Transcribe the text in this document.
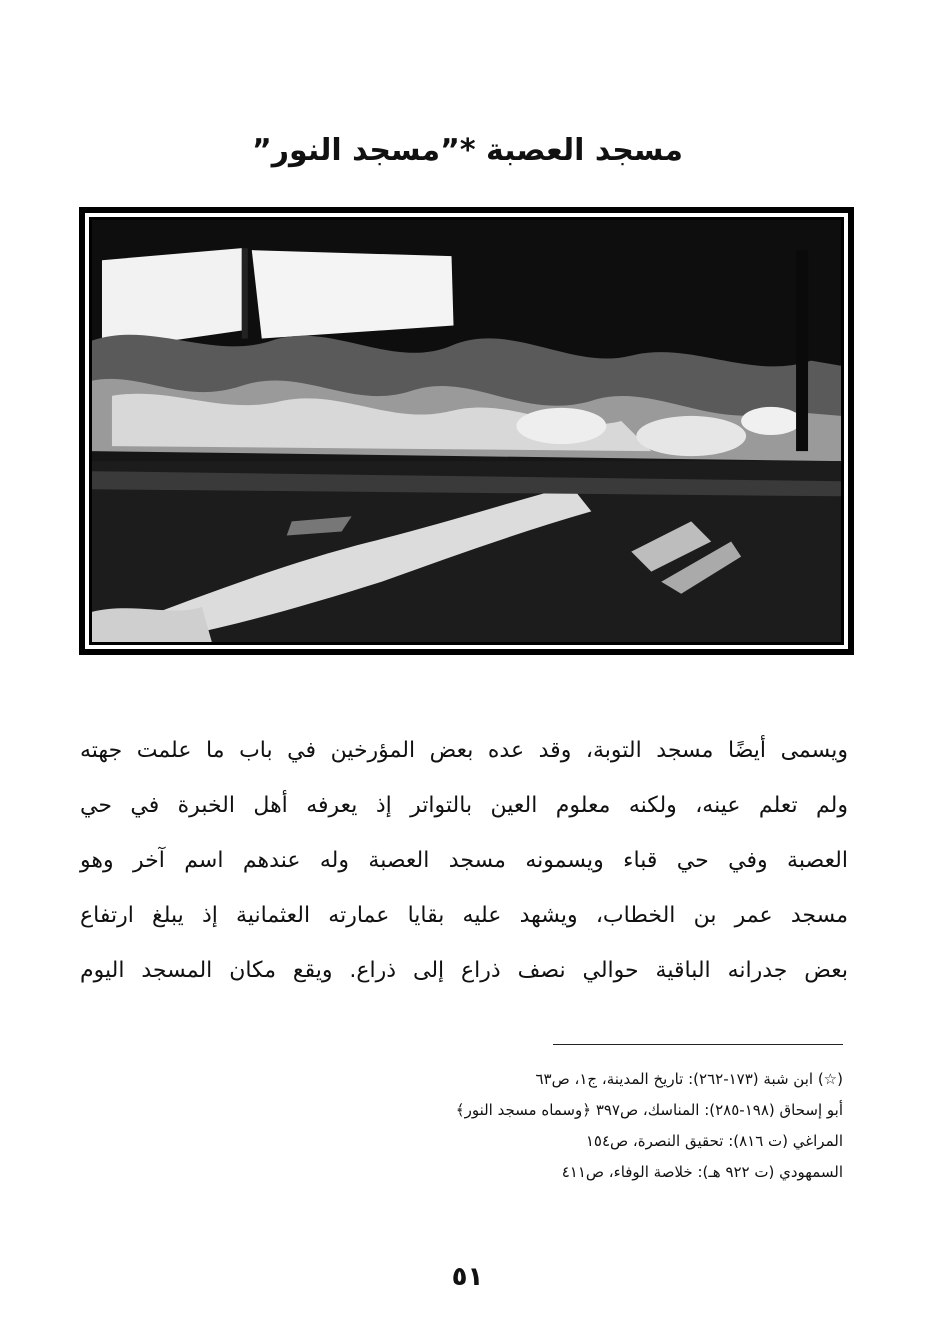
مسجد العصبة *”مسجد النور”
ويسمى أيضًا مسجد التوبة، وقد عده بعض المؤرخين في باب ما علمت جهته
ولم تعلم عينه، ولكنه معلوم العين بالتواتر إذ يعرفه أهل الخبرة في حي
العصبة وفي حي قباء ويسمونه مسجد العصبة وله عندهم اسم آخر وهو
مسجد عمر بن الخطاب، ويشهد عليه بقايا عمارته العثمانية إذ يبلغ ارتفاع
بعض جدرانه الباقية حوالي نصف ذراع إلى ذراع. ويقع مكان المسجد اليوم
(☆) ابن شبة (١٧٣-٢٦٢): تاريخ المدينة، ج١، ص٦٣
أبو إسحاق (١٩٨-٢٨٥): المناسك، ص٣٩٧ ﴿وسماه مسجد النور﴾
المراغي (ت ٨١٦): تحقيق النصرة، ص١٥٤
السمهودي (ت ٩٢٢ هـ): خلاصة الوفاء، ص٤١١
٥١
